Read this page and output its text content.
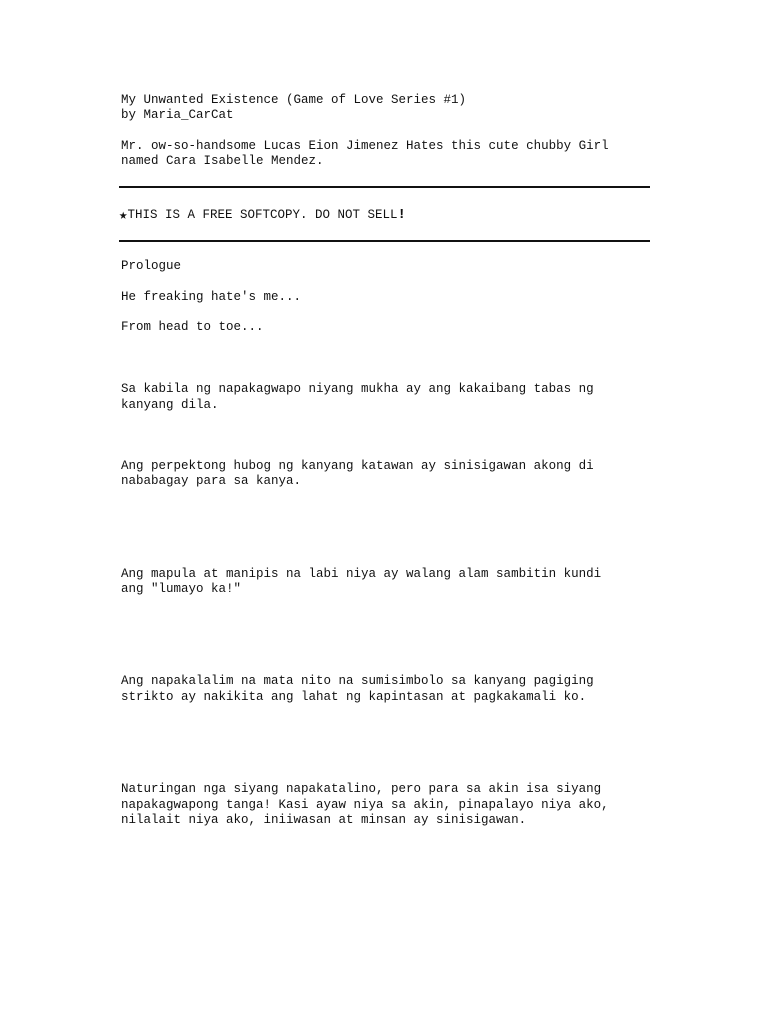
My Unwanted Existence (Game of Love Series #1)
by Maria_CarCat
Mr. ow-so-handsome Lucas Eion Jimenez Hates this cute chubby Girl
named Cara Isabelle Mendez.
★THIS IS A FREE SOFTCOPY. DO NOT SELL!
Prologue
He freaking hate's me...
From head to toe...
Sa kabila ng napakagwapo niyang mukha ay ang kakaibang tabas ng
kanyang dila.
Ang perpektong hubog ng kanyang katawan ay sinisigawan akong di
nababagay para sa kanya.
Ang mapula at manipis na labi niya ay walang alam sambitin kundi
ang "lumayo ka!"
Ang napakalalim na mata nito na sumisimbolo sa kanyang pagiging
strikto ay nakikita ang lahat ng kapintasan at pagkakamali ko.
Naturingan nga siyang napakatalino, pero para sa akin isa siyang
napakagwapong tanga! Kasi ayaw niya sa akin, pinapalayo niya ako,
nilalait niya ako, iniiwasan at minsan ay sinisigawan.
